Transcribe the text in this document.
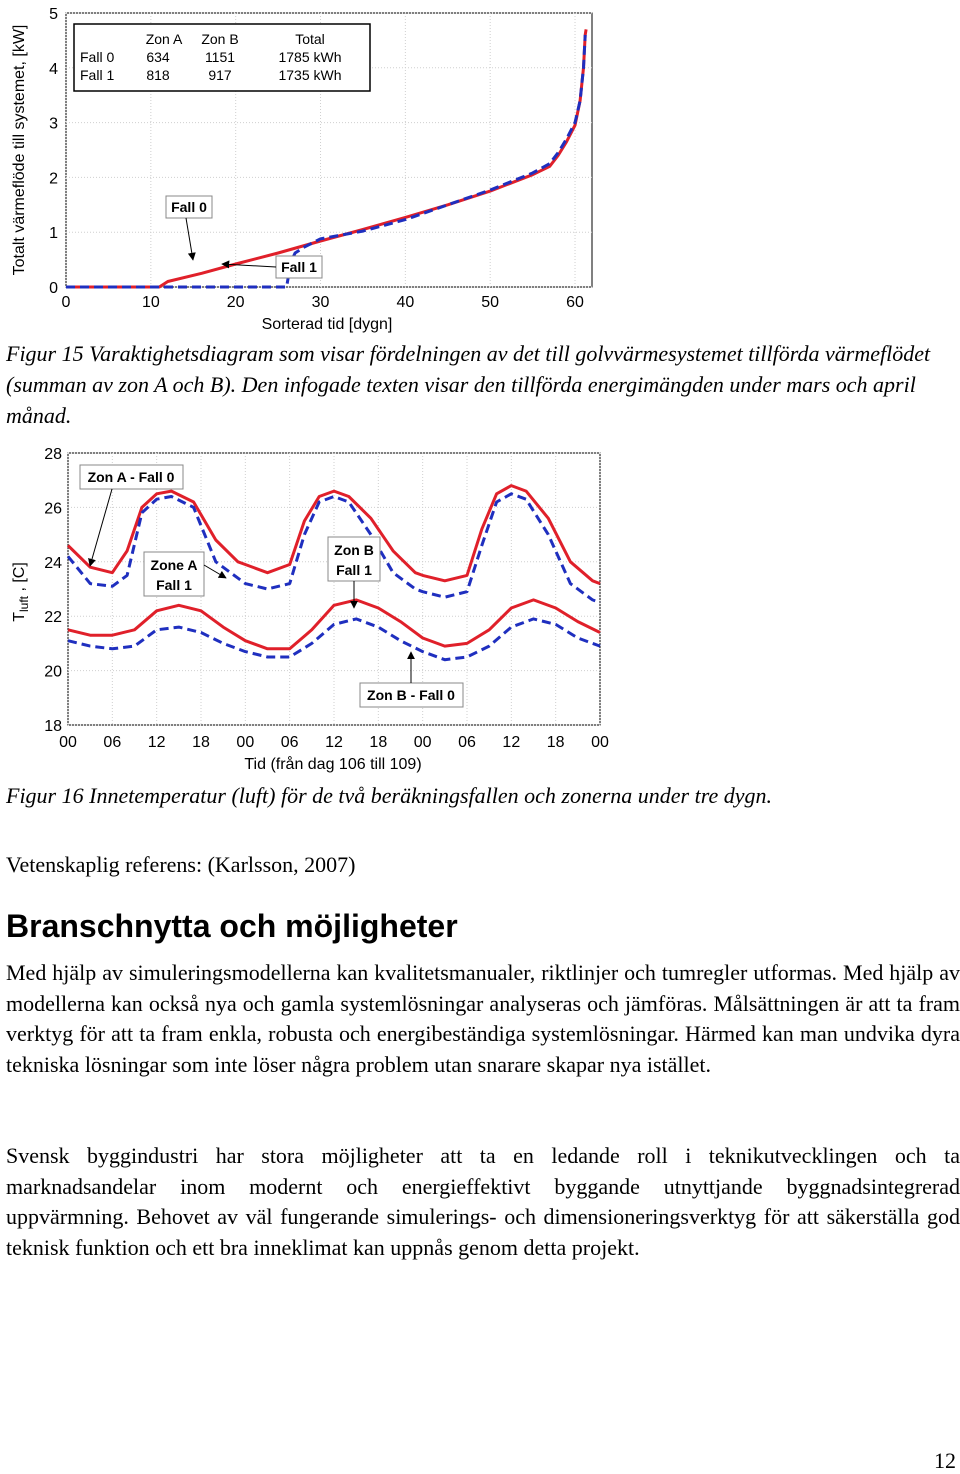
0	10	20	30	40	50	60
0
1
2
3
4
5
Sorterad tid [dygn]
Totalt värmeflöde till systemet, [kW]	Zon A Zon B	Total
Fall 0 634	1151	1785 kWh
Fall 1 818	917	1735 kWh
Fall 0
Fall 1
Figur 15 Varaktighetsdiagram som visar fördelningen av det till golvvärmesystemet tillförda värmeflödet (summan av zon A och B). Den infogade texten visar den tillförda energimängden under mars och april månad.
00 06 12 18 00 06 12 18 00 06 12 18 00
18
20
22
24
26
28
Tid (från dag 106 till 109)
$T_{luft}$ , [C]
Zon A - Fall 0
Zone A
Fall 1
Zon B
Fall 1
Zon B - Fall 0
Figur 16 Innetemperatur (luft) för de två beräkningsfallen och zonerna under tre dygn.
Vetenskaplig referens: (Karlsson, 2007)
Branschnytta och möjligheter

Med hjälp av simuleringsmodellerna kan kvalitetsmanualer, riktlinjer och tumregler utformas. Med hjälp av modellerna kan också nya och gamla systemlösningar analyseras och jämföras. Målsättningen är att ta fram verktyg för att ta fram enkla, robusta och energibeständiga systemlösningar. Härmed kan man undvika dyra tekniska lösningar som inte löser några problem utan snarare skapar nya istället.

Svensk byggindustri har stora möjligheter att ta en ledande roll i teknikutvecklingen och ta marknadsandelar inom modernt och energieffektivt byggande utnyttjande byggnadsintegrerad uppvärmning. Behovet av väl fungerande simulerings- och dimensioneringsverktyg för att säkerställa god teknisk funktion och ett bra inneklimat kan uppnås genom detta projekt.

12
